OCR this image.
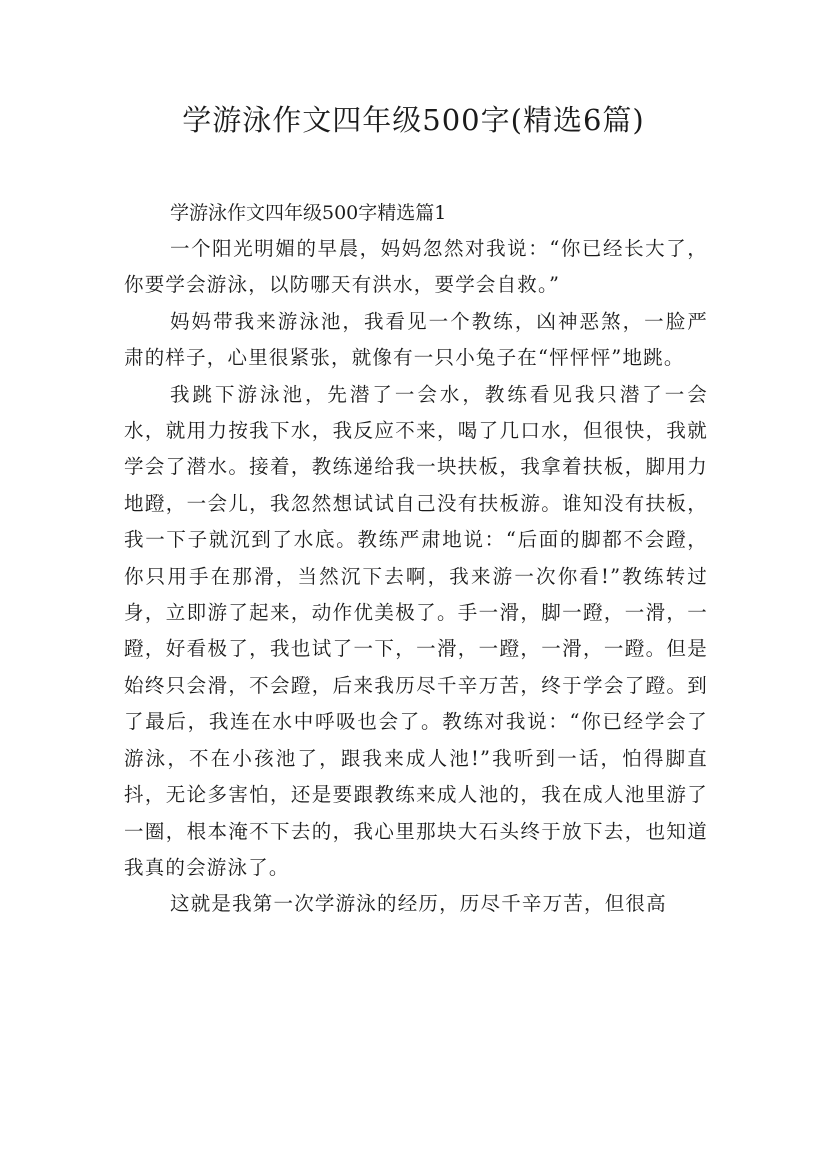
学游泳作文四年级500字(精选6篇)
学游泳作文四年级500字精选篇1

一个阳光明媚的早晨，妈妈忽然对我说：“你已经长大了，你要学会游泳，以防哪天有洪水，要学会自救。”

妈妈带我来游泳池，我看见一个教练，凶神恶煞，一脸严肃的样子，心里很紧张，就像有一只小兔子在“怦怦怦”地跳。

我跳下游泳池，先潜了一会水，教练看见我只潜了一会水，就用力按我下水，我反应不来，喝了几口水，但很快，我就学会了潜水。接着，教练递给我一块扶板，我拿着扶板，脚用力地蹬，一会儿，我忽然想试试自己没有扶板游。谁知没有扶板，我一下子就沉到了水底。教练严肃地说：“后面的脚都不会蹬，你只用手在那滑，当然沉下去啊，我来游一次你看!”教练转过身，立即游了起来，动作优美极了。手一滑，脚一蹬，一滑，一蹬，好看极了，我也试了一下，一滑，一蹬，一滑，一蹬。但是始终只会滑，不会蹬，后来我历尽千辛万苦，终于学会了蹬。到了最后，我连在水中呼吸也会了。教练对我说：“你已经学会了游泳，不在小孩池了，跟我来成人池!”我听到一话，怕得脚直抖，无论多害怕，还是要跟教练来成人池的，我在成人池里游了一圈，根本淹不下去的，我心里那块大石头终于放下去，也知道我真的会游泳了。

这就是我第一次学游泳的经历，历尽千辛万苦，但很高
